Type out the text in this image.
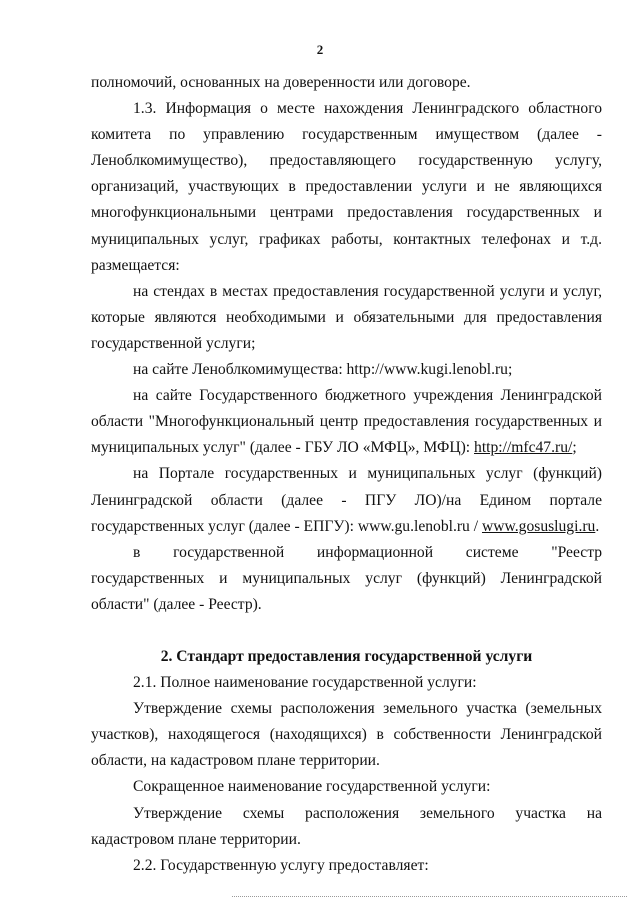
2

полномочий, основанных на доверенности или договоре.

1.3. Информация о месте нахождения Ленинградского областного комитета по управлению государственным имуществом (далее - Леноблкомимущество), предоставляющего государственную услугу, организаций, участвующих в предоставлении услуги и не являющихся многофункциональными центрами предоставления государственных и муниципальных услуг, графиках работы, контактных телефонах и т.д. размещается:

на стендах в местах предоставления государственной услуги и услуг, которые являются необходимыми и обязательными для предоставления государственной услуги;

на сайте Леноблкомимущества: http://www.kugi.lenobl.ru;

на сайте Государственного бюджетного учреждения Ленинградской области "Многофункциональный центр предоставления государственных и муниципальных услуг" (далее - ГБУ ЛО «МФЦ», МФЦ): http://mfc47.ru/;

на Портале государственных и муниципальных услуг (функций) Ленинградской области (далее - ПГУ ЛО)/на Едином портале государственных услуг (далее - ЕПГУ): www.gu.lenobl.ru / www.gosuslugi.ru.

в государственной информационной системе "Реестр государственных и муниципальных услуг (функций) Ленинградской области" (далее - Реестр).

2. Стандарт предоставления государственной услуги

2.1. Полное наименование государственной услуги:

Утверждение схемы расположения земельного участка (земельных участков), находящегося (находящихся) в собственности Ленинградской области, на кадастровом плане территории.

Сокращенное наименование государственной услуги:

Утверждение схемы расположения земельного участка на кадастровом плане территории.

2.2. Государственную услугу предоставляет:
